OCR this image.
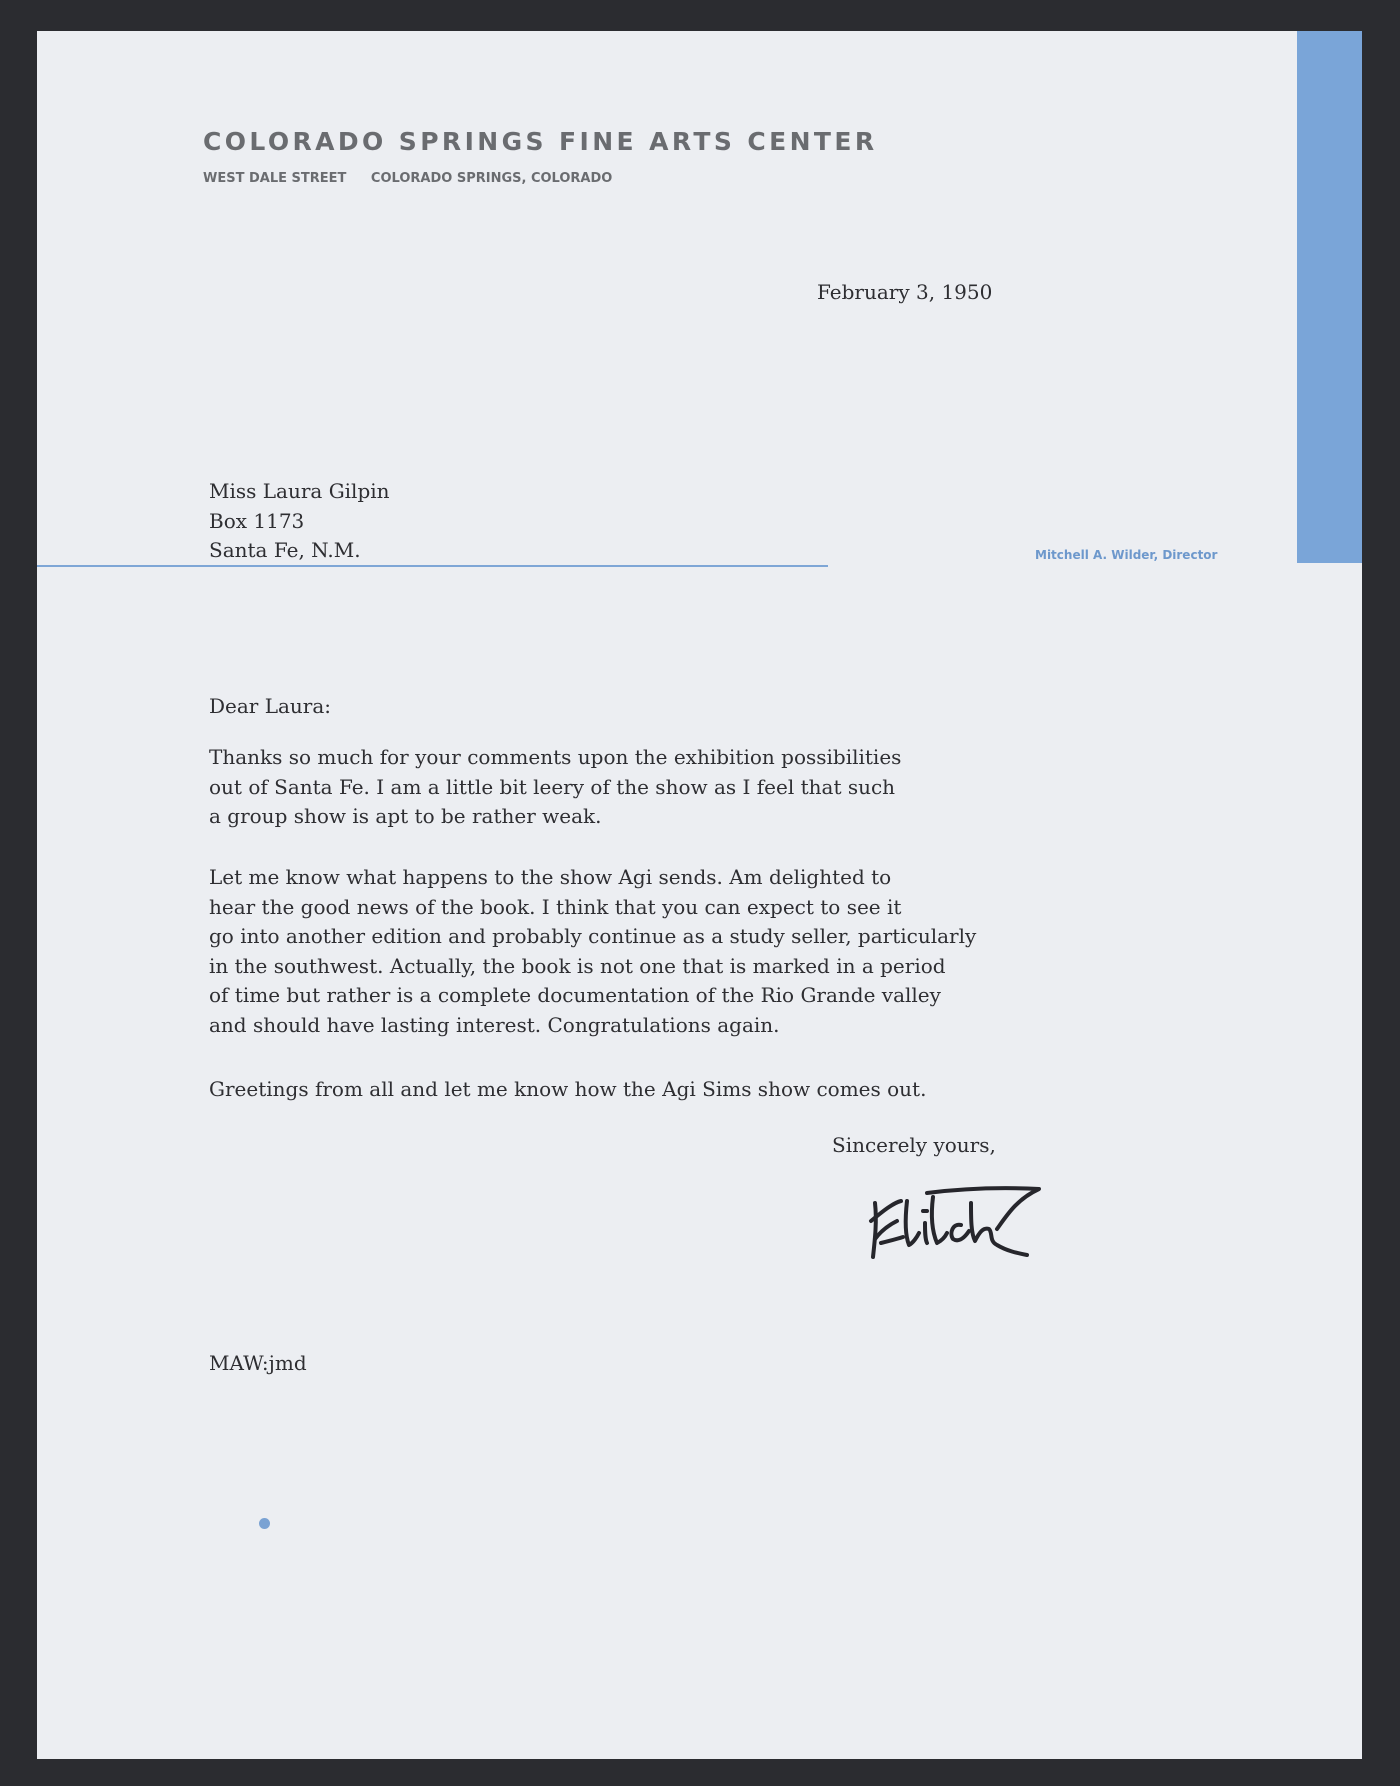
COLORADO SPRINGS FINE ARTS CENTER
WEST DALE STREET COLORADO SPRINGS, COLORADO
February 3, 1950
Miss Laura Gilpin
Box 1173
Santa Fe, N.M.	Mitchell A. Wilder, Director
Dear Laura:
Thanks so much for your comments upon the exhibition possibilities
out of Santa Fe. I am a little bit leery of the show as I feel that such
a group show is apt to be rather weak.
Let me know what happens to the show Agi sends. Am delighted to
hear the good news of the book. I think that you can expect to see it
go into another edition and probably continue as a study seller, particularly
in the southwest. Actually, the book is not one that is marked in a period
of time but rather is a complete documentation of the Rio Grande valley
and should have lasting interest. Congratulations again.
Greetings from all and let me know how the Agi Sims show comes out.
Sincerely yours,
MAW:jmd
